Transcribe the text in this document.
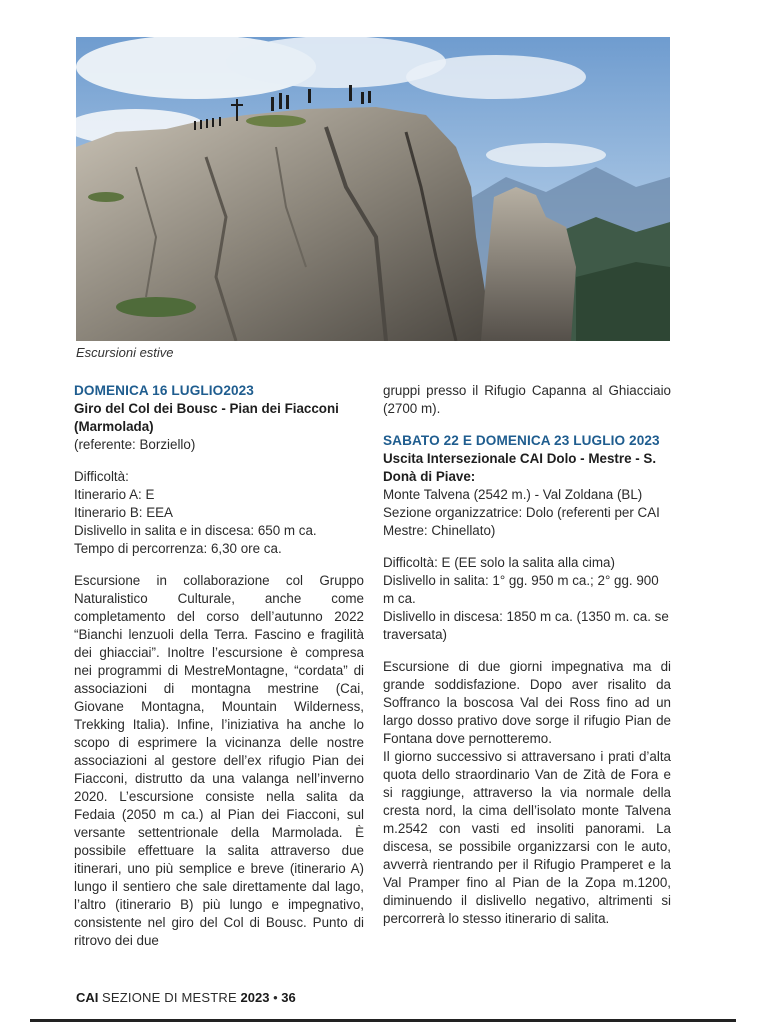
Escursioni estive

DOMENICA 16 LUGLIO2023

Giro del Col dei Bousc - Pian dei Fiacconi (Marmolada)

(referente: Borziello)

Difficoltà:

Itinerario A: E

Itinerario B: EEA

Dislivello in salita e in discesa: 650 m ca.

Tempo di percorrenza: 6,30 ore ca.

Escursione in collaborazione col Gruppo Naturalistico Culturale, anche come completamento del corso dell’autunno 2022 “Bianchi lenzuoli della Terra. Fascino e fragilità dei ghiacciai”. Inoltre l’escursione è compresa nei programmi di MestreMontagne, “cordata” di associazioni di montagna mestrine (Cai, Giovane Montagna, Mountain Wilderness, Trekking Italia). Infine, l’iniziativa ha anche lo scopo di esprimere la vicinanza delle nostre associazioni al gestore dell’ex rifugio Pian dei Fiacconi, distrutto da una valanga nell’inverno 2020. L’escursione consiste nella salita da Fedaia (2050 m ca.) al Pian dei Fiacconi, sul versante settentrionale della Marmolada. È possibile effettuare la salita attraverso due itinerari, uno più semplice e breve (itinerario A) lungo il sentiero che sale direttamente dal lago, l’altro (itinerario B) più lungo e impegnativo, consistente nel giro del Col di Bousc. Punto di ritrovo dei due

gruppi presso il Rifugio Capanna al Ghiacciaio (2700 m).

SABATO 22 E DOMENICA 23 LUGLIO 2023

Uscita Intersezionale CAI Dolo - Mestre - S. Donà di Piave:

Monte Talvena (2542 m.) - Val Zoldana (BL)

Sezione organizzatrice: Dolo (referenti per CAI Mestre: Chinellato)

Difficoltà: E (EE solo la salita alla cima)

Dislivello in salita: 1° gg. 950 m ca.; 2° gg. 900 m ca.

Dislivello in discesa: 1850 m ca. (1350 m. ca. se traversata)

Escursione di due giorni impegnativa ma di grande soddisfazione. Dopo aver risalito da Soffranco la boscosa Val dei Ross fino ad un largo dosso prativo dove sorge il rifugio Pian de Fontana dove pernotteremo.

Il giorno successivo si attraversano i prati d’alta quota dello straordinario Van de Zità de Fora e si raggiunge, attraverso la via normale della cresta nord, la cima dell’isolato monte Talvena m.2542 con vasti ed insoliti panorami. La discesa, se possibile organizzarsi con le auto, avverrà rientrando per il Rifugio Pramperet e la Val Pramper fino al Pian de la Zopa m.1200, diminuendo il dislivello negativo, altrimenti si percorrerà lo stesso itinerario di salita.

CAI SEZIONE DI MESTRE 2023 • 36
